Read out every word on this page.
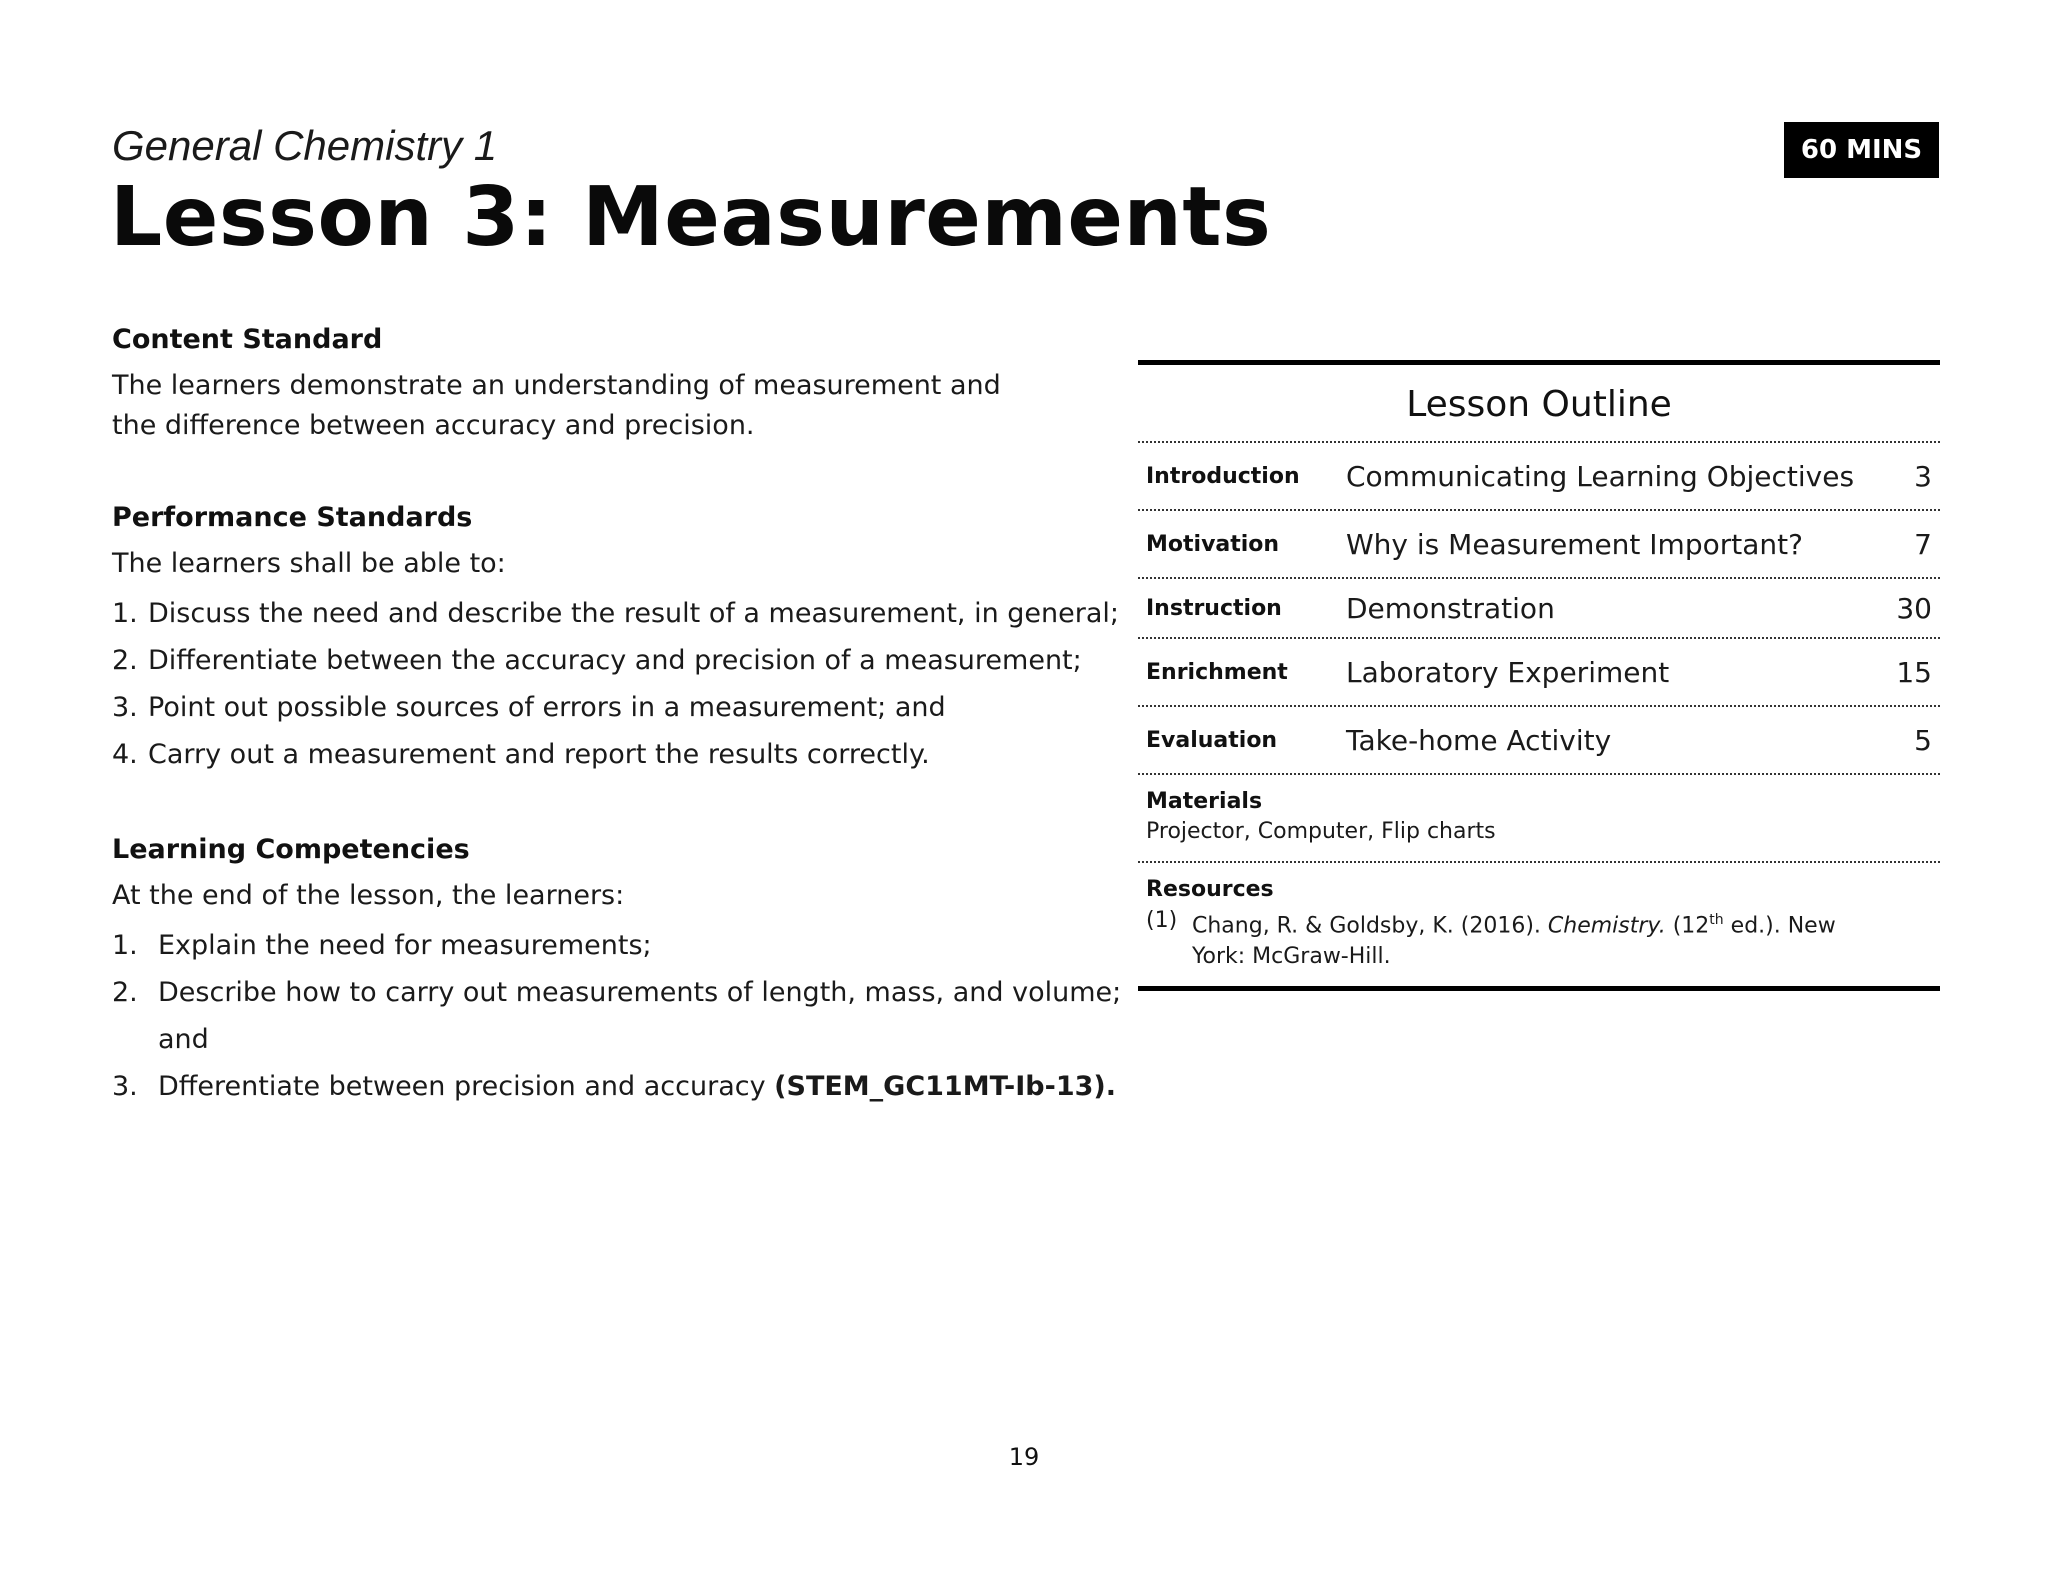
General Chemistry 1
Lesson 3: Measurements
60 MINS

Content Standard

The learners demonstrate an understanding of measurement and the difference between accuracy and precision.

Performance Standards

The learners shall be able to:

1. Discuss the need and describe the result of a measurement, in general;
2. Differentiate between the accuracy and precision of a measurement;
3. Point out possible sources of errors in a measurement; and
4. Carry out a measurement and report the results correctly.

Learning Competencies

At the end of the lesson, the learners:

1. Explain the need for measurements;
2. Describe how to carry out measurements of length, mass, and volume; and
3. Dfferentiate between precision and accuracy (STEM_GC11MT-Ib-13).
Lesson Outline
Introduction	Communicating Learning Objectives	3
Motivation	Why is Measurement Important?	7
Instruction	Demonstration	30
Enrichment	Laboratory Experiment	15
Evaluation	Take-home Activity	5
Materials
Projector, Computer, Flip charts
Resources
(1) Chang, R. & Goldsby, K. (2016). Chemistry. (12th ed.). New York: McGraw-Hill.
19
